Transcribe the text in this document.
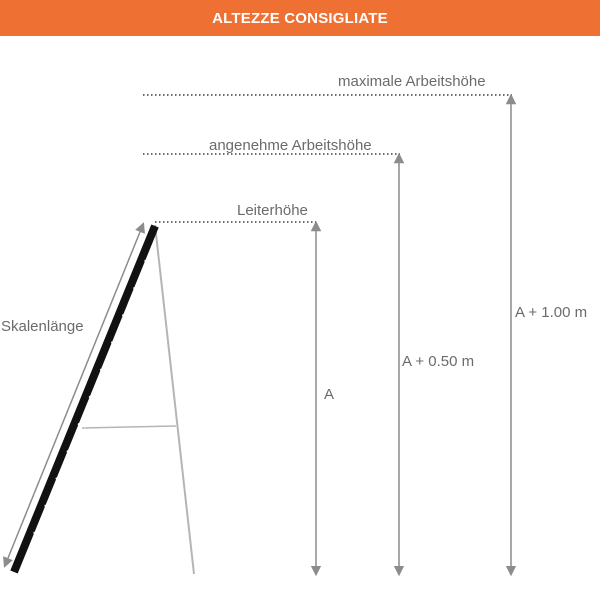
ALTEZZE CONSIGLIATE
maximale Arbeitshöhe
angenehme Arbeitshöhe
Leiterhöhe
Skalenlänge
A
A + 0.50 m
A + 1.00 m
